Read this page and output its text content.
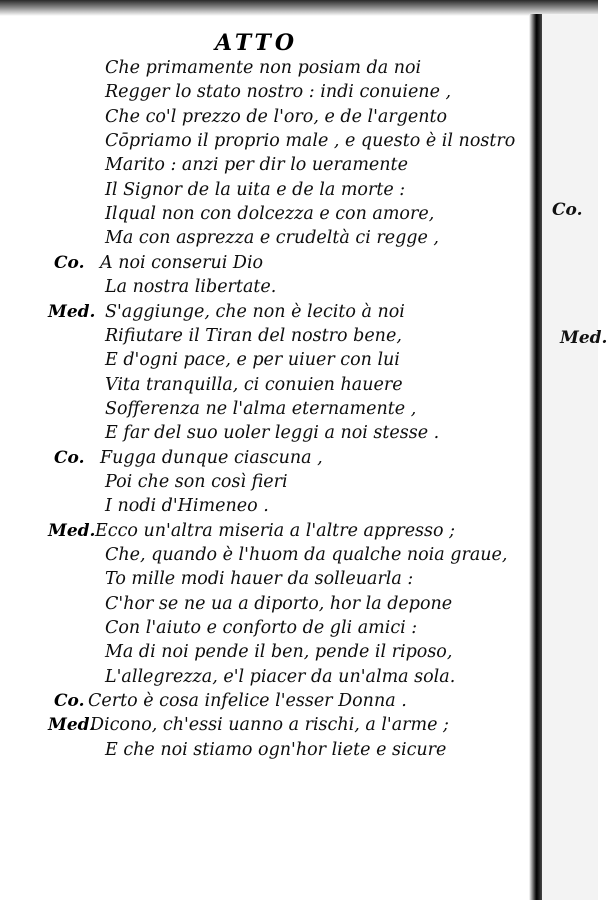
ATTO
Che primamente non posiam da noi
Regger lo stato nostro : indi conuiene ,
Che co'l prezzo de l'oro, e de l'argento
Cōpriamo il proprio male , e questo è il nostro
Marito : anzi per dir lo ueramente
Il Signor de la uita e de la morte :
Ilqual non con dolcezza e con amore,
Ma con asprezza e crudeltà ci regge ,
Co. A noi conserui Dio
La nostra libertate.
Med. S'aggiunge, che non è lecito à noi
Rifiutare il Tiran del nostro bene,
E d'ogni pace, e per uiuer con lui
Vita tranquilla, ci conuien hauere
Sofferenza ne l'alma eternamente ,
E far del suo uoler leggi a noi stesse .
Co. Fugga dunque ciascuna ,
Poi che son così fieri
I nodi d'Himeneo .
Med. Ecco un'altra miseria a l'altre appresso ;
Che, quando è l'huom da qualche noia graue,
To mille modi hauer da solleuarla :
C'hor se ne ua a diporto, hor la depone
Con l'aiuto e conforto de gli amici :
Ma di noi pende il ben, pende il riposo,
L'allegrezza, e'l piacer da un'alma sola.
Co. Certo è cosa infelice l'esser Donna .
Med.
Dicono, ch'essi uanno a rischi, a l'arme ;
E che noi stiamo ogn'hor liete e sicure
Co.
Med.
